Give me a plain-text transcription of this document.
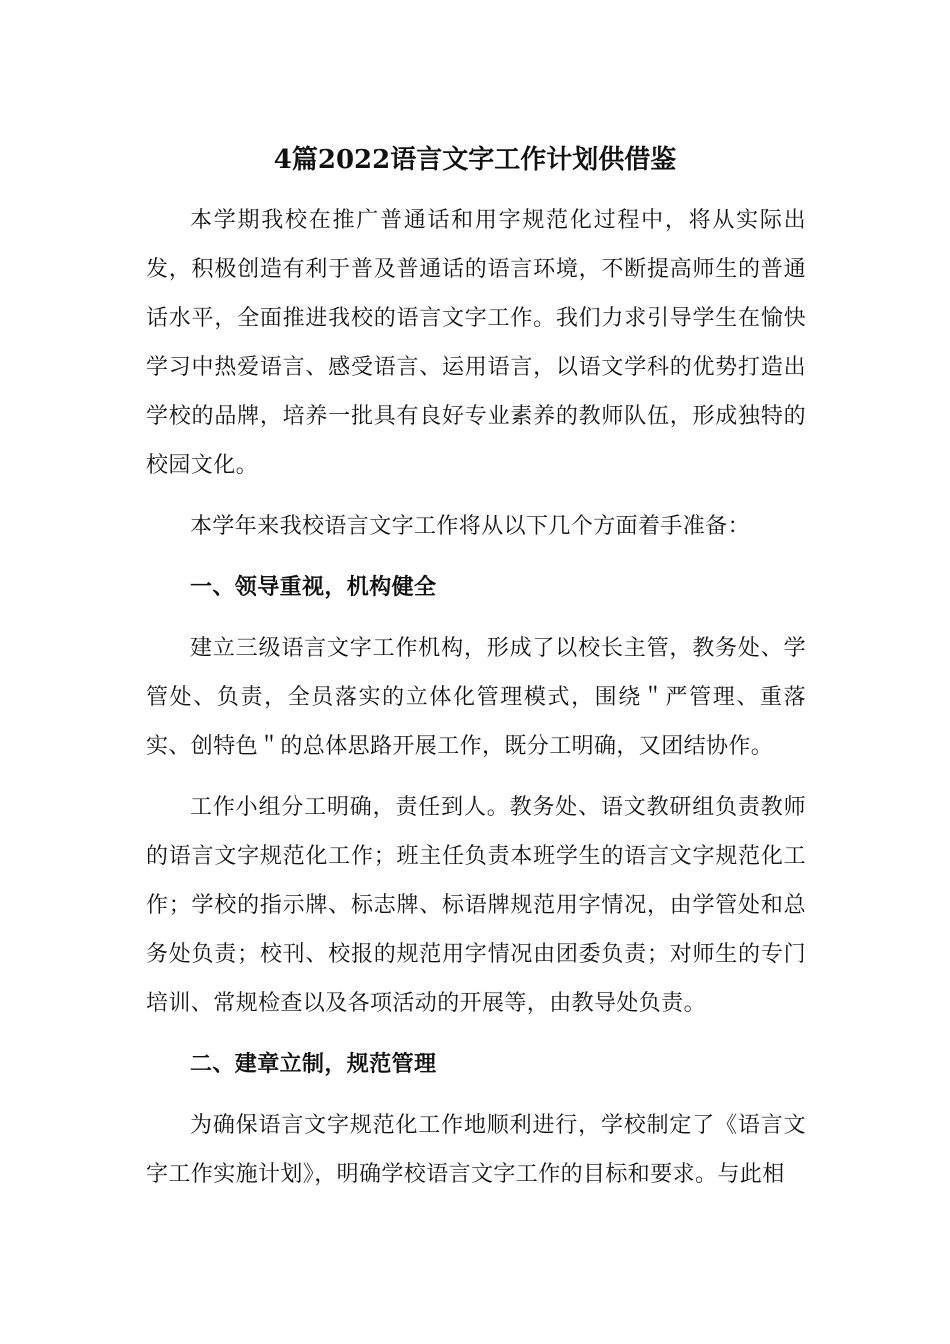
4篇2022语言文字工作计划供借鉴

本学期我校在推广普通话和用字规范化过程中，将从实际出发，积极创造有利于普及普通话的语言环境，不断提高师生的普通话水平，全面推进我校的语言文字工作。我们力求引导学生在愉快学习中热爱语言、感受语言、运用语言，以语文学科的优势打造出学校的品牌，培养一批具有良好专业素养的教师队伍，形成独特的校园文化。

本学年来我校语言文字工作将从以下几个方面着手准备：

一、领导重视，机构健全

建立三级语言文字工作机构，形成了以校长主管，教务处、学管处、负责，全员落实的立体化管理模式，围绕＂严管理、重落实、创特色＂的总体思路开展工作，既分工明确，又团结协作。

工作小组分工明确，责任到人。教务处、语文教研组负责教师的语言文字规范化工作；班主任负责本班学生的语言文字规范化工作；学校的指示牌、标志牌、标语牌规范用字情况，由学管处和总务处负责；校刊、校报的规范用字情况由团委负责；对师生的专门培训、常规检查以及各项活动的开展等，由教导处负责。

二、建章立制，规范管理

为确保语言文字规范化工作地顺利进行，学校制定了《语言文字工作实施计划》，明确学校语言文字工作的目标和要求。与此相
